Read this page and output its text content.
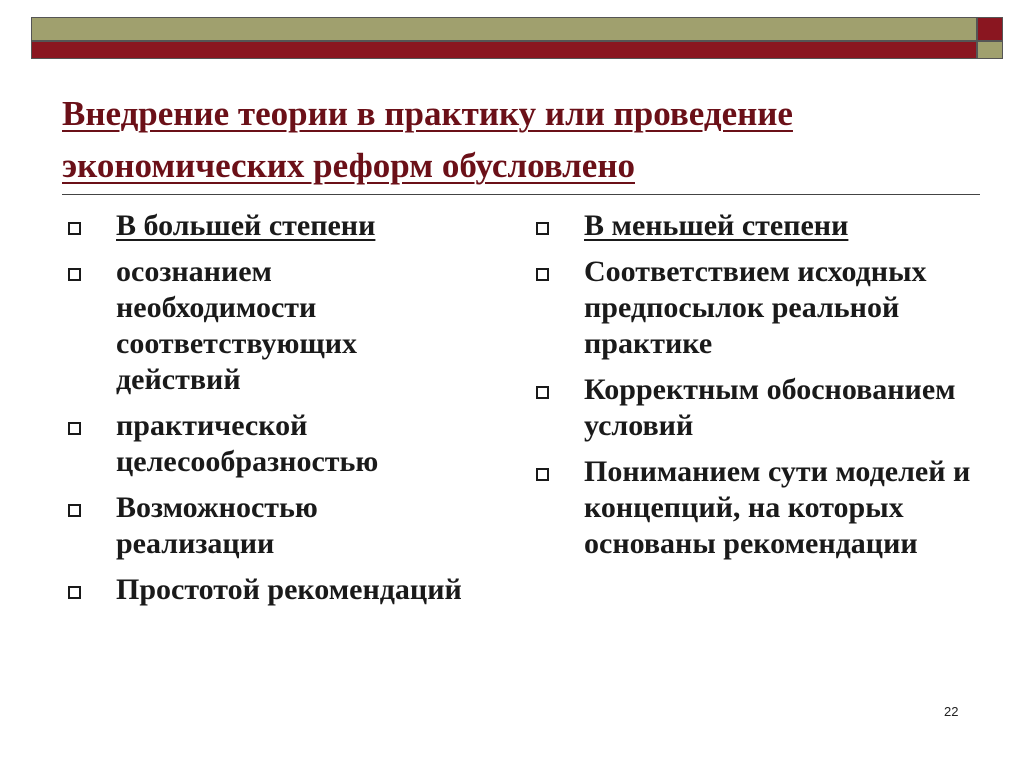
Внедрение теории в практику или проведение
экономических реформ обусловлено
В большей степени
осознанием необходимости соответствующих действий
практической целесообразностью
Возможностью реализации
Простотой рекомендаций
В меньшей степени
Соответствием исходных предпосылок реальной практике
Корректным обоснованием условий
Пониманием сути моделей и концепций, на которых основаны рекомендации
22
